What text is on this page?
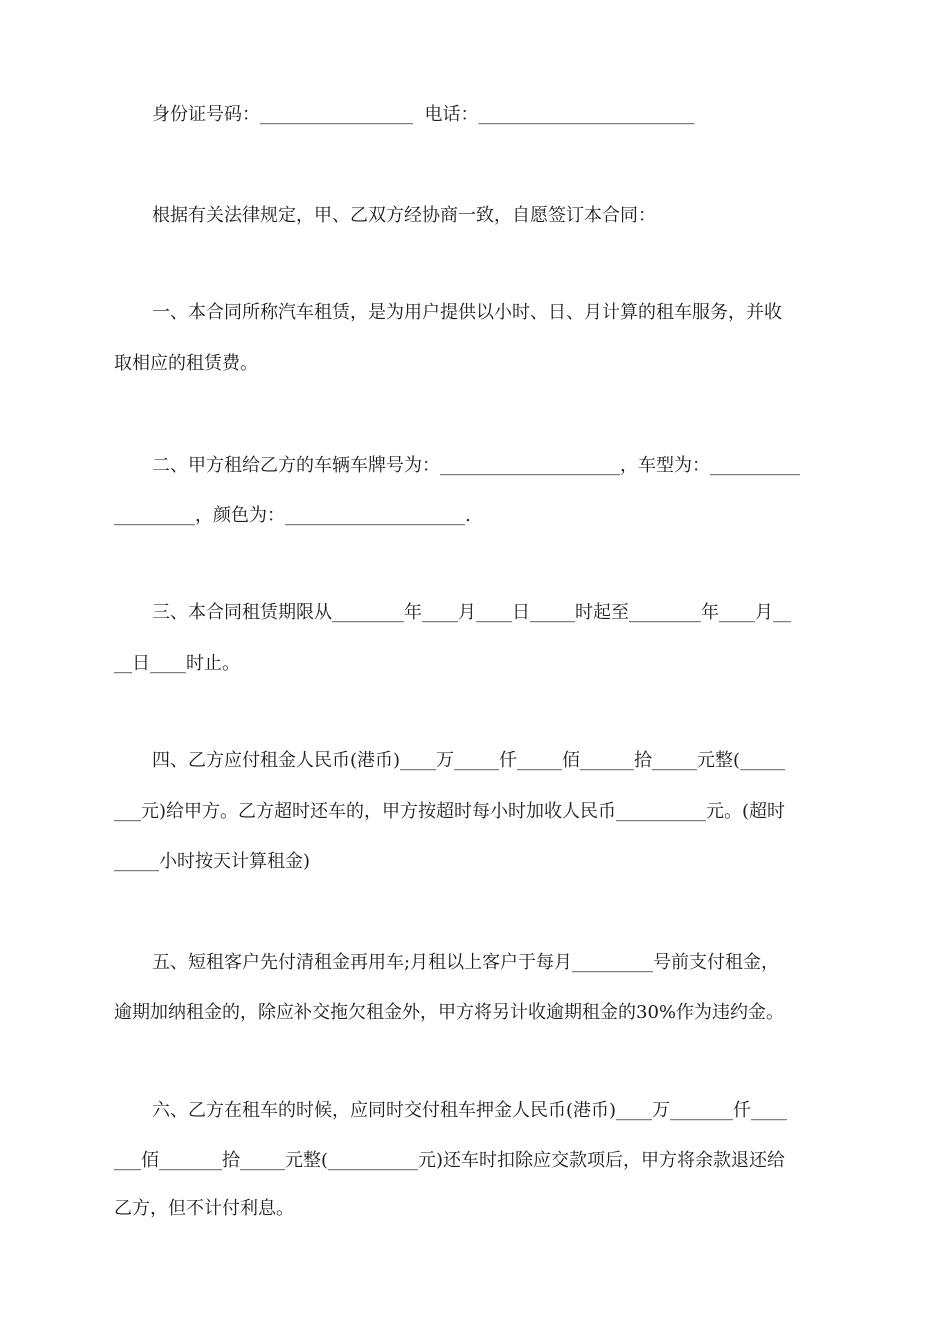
身份证号码：_________________  电话：________________________
根据有关法律规定，甲、乙双方经协商一致，自愿签订本合同：
一、本合同所称汽车租赁，是为用户提供以小时、日、月计算的租车服务，并收
取相应的租赁费。
二、甲方租给乙方的车辆车牌号为：____________________，车型为：__________
_________，颜色为：____________________.
三、本合同租赁期限从________年____月____日_____时起至________年____月__
__日____时止。
四、乙方应付租金人民币(港币)____万_____仟_____佰______拾_____元整(_____
___元)给甲方。乙方超时还车的，甲方按超时每小时加收人民币__________元。(超时
_____小时按天计算租金)
五、短租客户先付清租金再用车;月租以上客户于每月_________号前支付租金，
逾期加纳租金的，除应补交拖欠租金外，甲方将另计收逾期租金的30%作为违约金。
六、乙方在租车的时候，应同时交付租车押金人民币(港币)____万_______仟____
___佰_______拾_____元整(__________元)还车时扣除应交款项后，甲方将余款退还给
乙方，但不计付利息。
